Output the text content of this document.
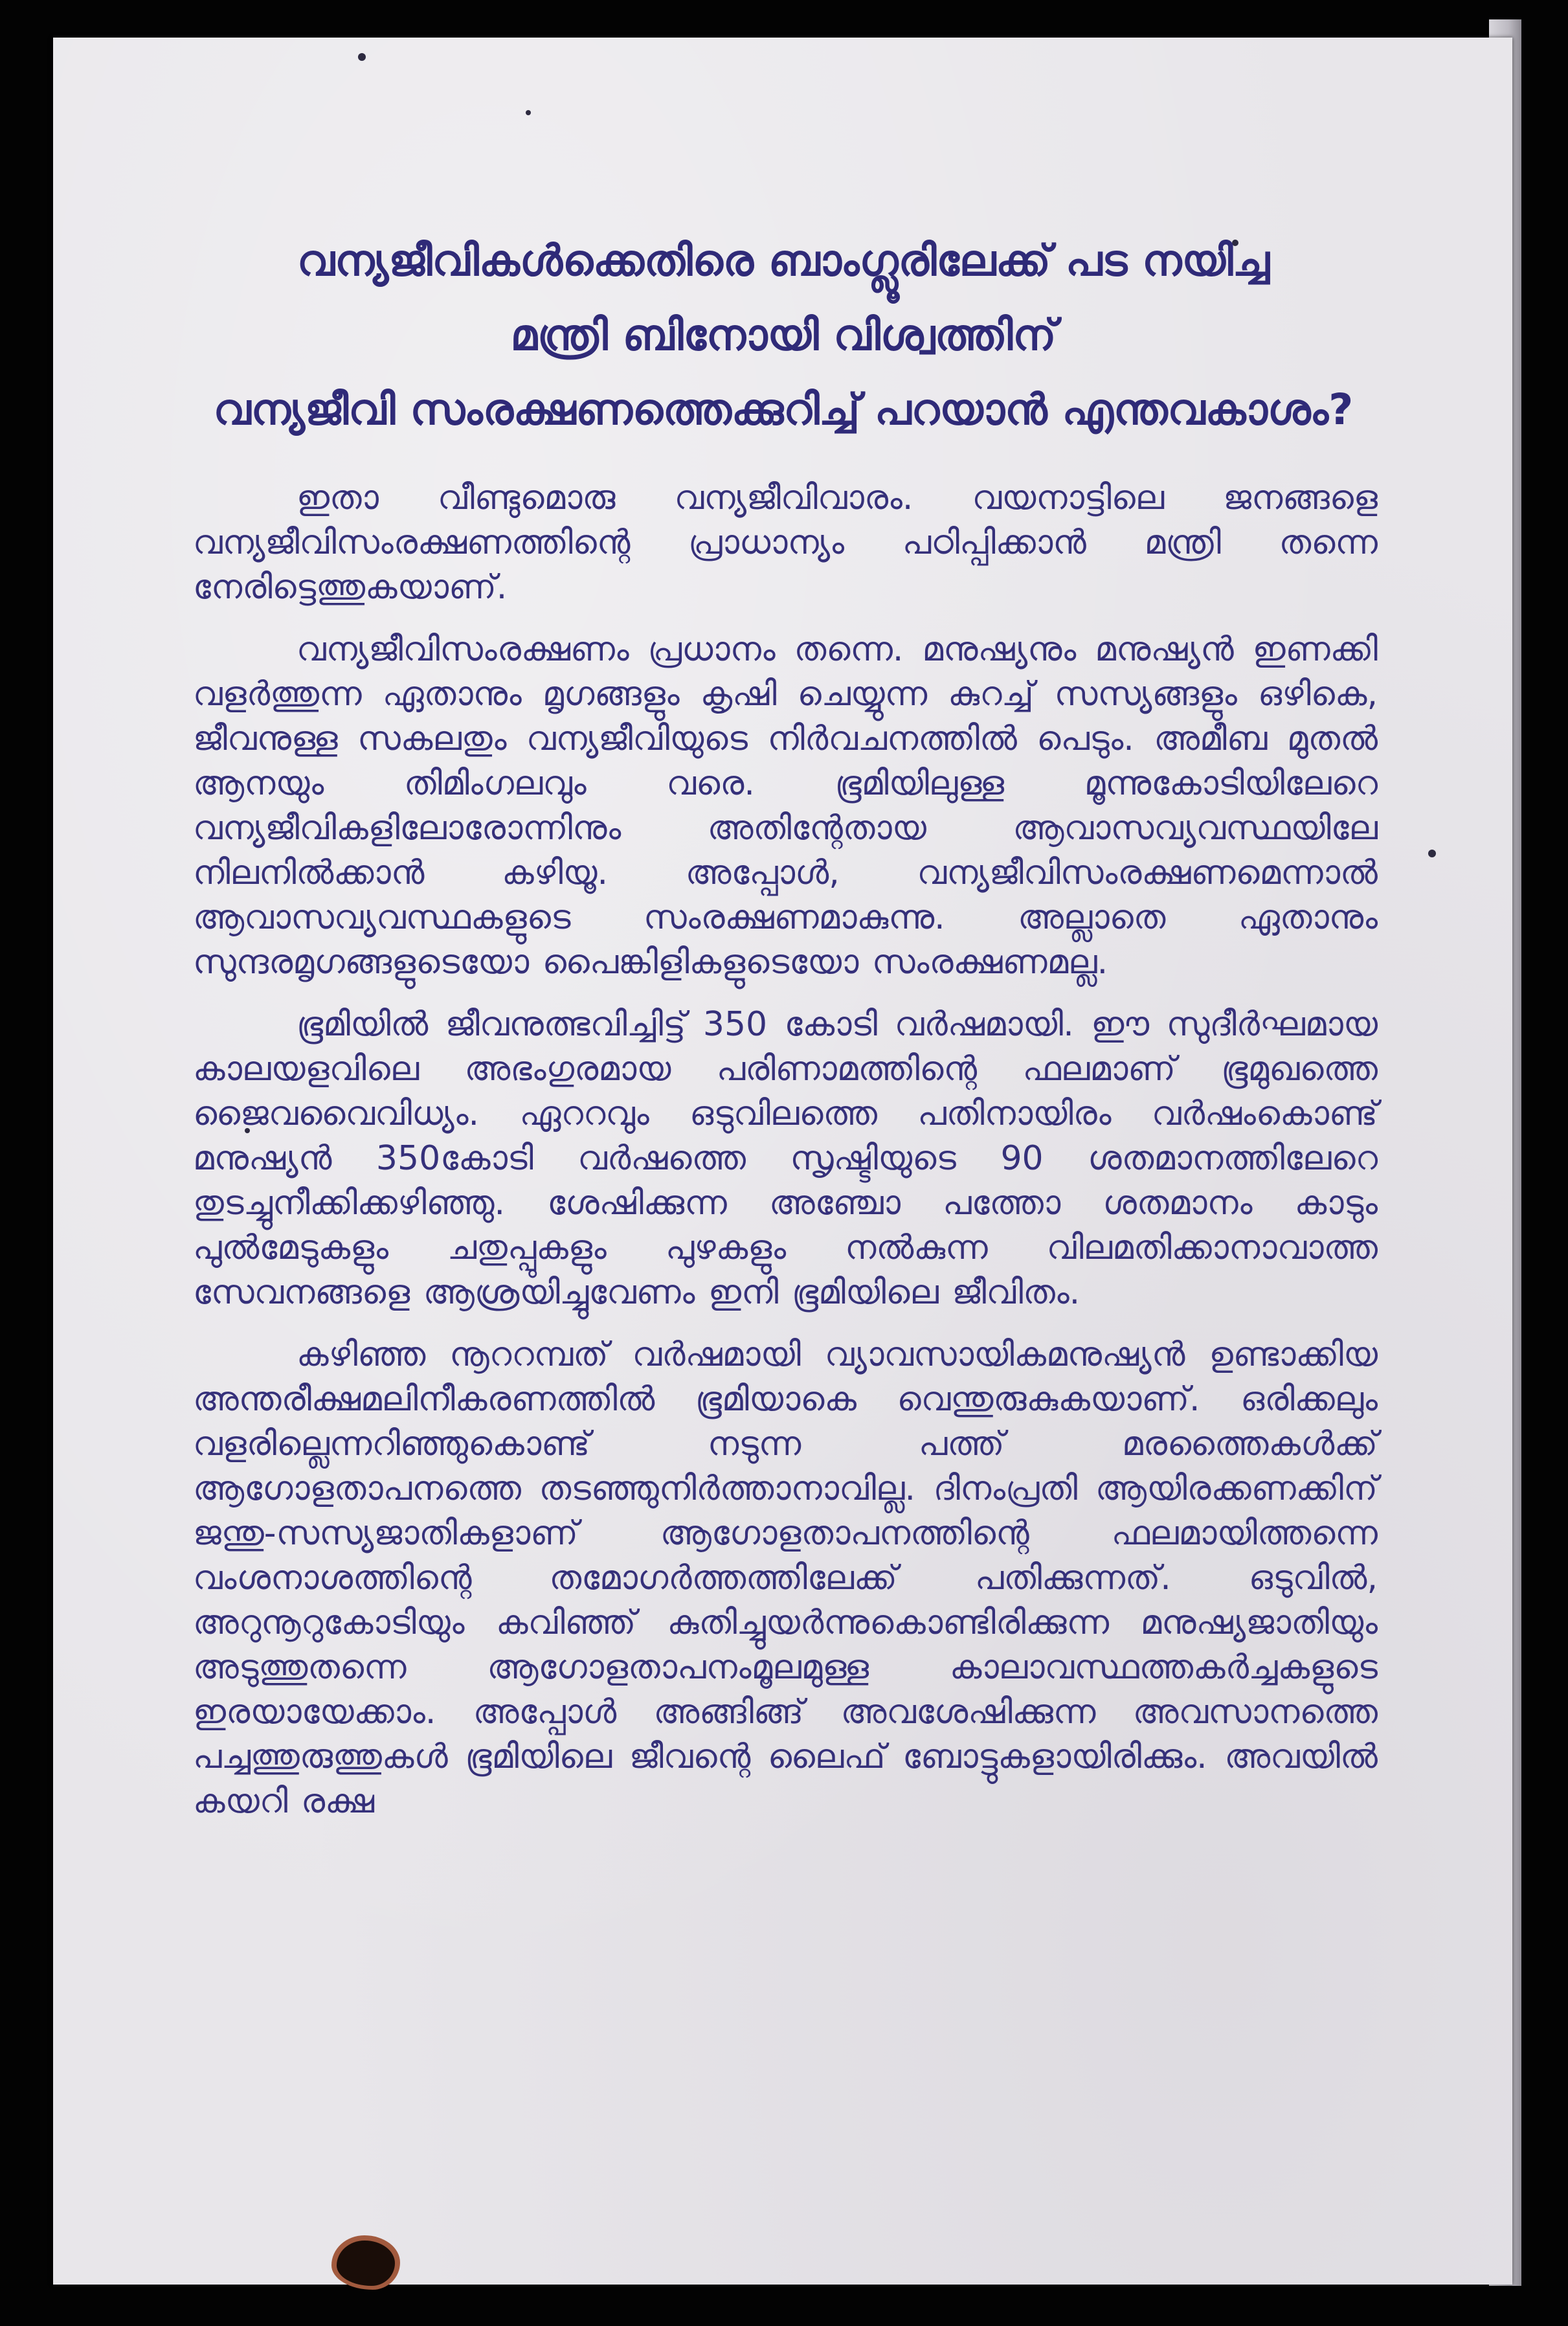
വന്യജീവികൾക്കെതിരെ ബാംഗ്ലൂരിലേക്ക് പട നയിച്ച
മന്ത്രി ബിനോയി വിശ്വത്തിന്
വന്യജീവി സംരക്ഷണത്തെക്കുറിച്ച് പറയാൻ എന്തവകാശം?

ഇതാ വീണ്ടുമൊരു വന്യജീവിവാരം. വയനാട്ടിലെ ജനങ്ങളെ വന്യജീവിസംരക്ഷണത്തിന്റെ പ്രാധാന്യം പഠിപ്പിക്കാൻ മന്ത്രി തന്നെ നേരിട്ടെത്തുകയാണ്.

വന്യജീവിസംരക്ഷണം പ്രധാനം തന്നെ. മനുഷ്യനും മനുഷ്യൻ ഇണക്കി വളർത്തുന്ന ഏതാനും മൃഗങ്ങളും കൃഷി ചെയ്യുന്ന കുറച്ച് സസ്യങ്ങളും ഒഴികെ, ജീവനുള്ള സകലതും വന്യജീവിയുടെ നിർവചനത്തിൽ പെടും. അമീബ മുതൽ ആനയും തിമിംഗലവും വരെ. ഭൂമിയിലുള്ള മൂന്നുകോടിയിലേറെ വന്യജീവികളിലോരോന്നിനും അതിന്റേതായ ആവാസവ്യവസ്ഥയിലേ നിലനിൽക്കാൻ കഴിയൂ. അപ്പോൾ, വന്യജീവിസംരക്ഷണമെന്നാൽ ആവാസവ്യവസ്ഥകളുടെ സംരക്ഷണമാകുന്നു. അല്ലാതെ ഏതാനും സുന്ദരമൃഗങ്ങളുടെയോ പൈങ്കിളികളുടെയോ സംരക്ഷണമല്ല.

ഭൂമിയിൽ ജീവനുത്ഭവിച്ചിട്ട് 350 കോടി വർഷമായി. ഈ സുദീർഘമായ കാലയളവിലെ അഭംഗുരമായ പരിണാമത്തിന്റെ ഫലമാണ് ഭൂമുഖത്തെ ജൈവവൈവിധ്യം. ഏററവും ഒടുവിലത്തെ പതിനായിരം വർഷംകൊണ്ട് മനുഷ്യൻ 350കോടി വർഷത്തെ സൃഷ്ടിയുടെ 90 ശതമാനത്തിലേറെ തുടച്ചുനീക്കിക്കഴിഞ്ഞു. ശേഷിക്കുന്ന അഞ്ചോ പത്തോ ശതമാനം കാടും പുൽമേടുകളും ചതുപ്പുകളും പുഴകളും നൽകുന്ന വിലമതിക്കാനാവാത്ത സേവനങ്ങളെ ആശ്രയിച്ചുവേണം ഇനി ഭൂമിയിലെ ജീവിതം.

കഴിഞ്ഞ നൂററമ്പത് വർഷമായി വ്യാവസായികമനുഷ്യൻ ഉണ്ടാക്കിയ അന്തരീക്ഷമലിനീകരണത്തിൽ ഭൂമിയാകെ വെന്തുരുകുകയാണ്. ഒരിക്കലും വളരില്ലെന്നറിഞ്ഞുകൊണ്ട് നടുന്ന പത്ത് മരത്തൈകൾക്ക് ആഗോളതാപനത്തെ തടഞ്ഞുനിർത്താനാവില്ല. ദിനംപ്രതി ആയിരക്കണക്കിന് ജന്തു-സസ്യജാതികളാണ് ആഗോളതാപനത്തിന്റെ ഫലമായിത്തന്നെ വംശനാശത്തിന്റെ തമോഗർത്തത്തിലേക്ക് പതിക്കുന്നത്. ഒടുവിൽ, അറുനൂറുകോടിയും കവിഞ്ഞ് കുതിച്ചുയർന്നുകൊണ്ടിരിക്കുന്ന മനുഷ്യജാതിയും അടുത്തുതന്നെ ആഗോളതാപനംമൂലമുള്ള കാലാവസ്ഥത്തകർച്ചകളുടെ ഇരയായേക്കാം. അപ്പോൾ അങ്ങിങ്ങ് അവശേഷിക്കുന്ന അവസാനത്തെ പച്ചത്തുരുത്തുകൾ ഭൂമിയിലെ ജീവന്റെ ലൈഫ് ബോട്ടുകളായിരിക്കും. അവയിൽ കയറി രക്ഷ
